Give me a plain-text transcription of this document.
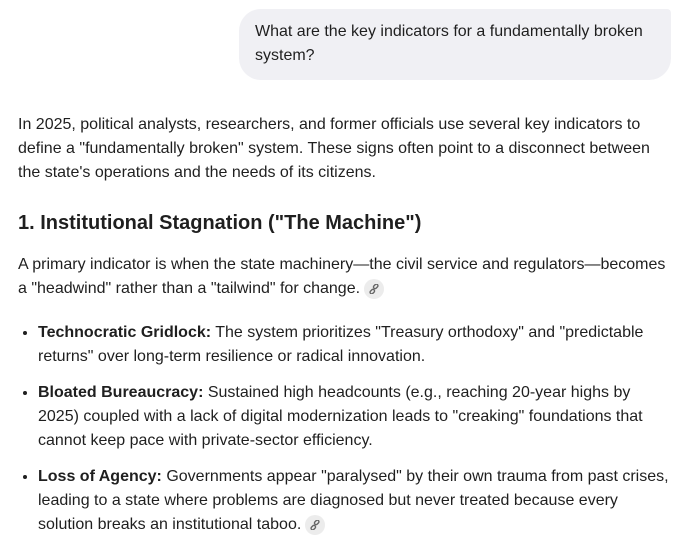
What are the key indicators for a fundamentally broken system?

In 2025, political analysts, researchers, and former officials use several key indicators to define a "fundamentally broken" system. These signs often point to a disconnect between the state's operations and the needs of its citizens.

1. Institutional Stagnation ("The Machine")

A primary indicator is when the state machinery—the civil service and regulators—becomes a "headwind" rather than a "tailwind" for change.

• Technocratic Gridlock: The system prioritizes "Treasury orthodoxy" and "predictable returns" over long-term resilience or radical innovation.
• Bloated Bureaucracy: Sustained high headcounts (e.g., reaching 20-year highs by 2025) coupled with a lack of digital modernization leads to "creaking" foundations that cannot keep pace with private-sector efficiency.
• Loss of Agency: Governments appear "paralysed" by their own trauma from past crises, leading to a state where problems are diagnosed but never treated because every solution breaks an institutional taboo.
